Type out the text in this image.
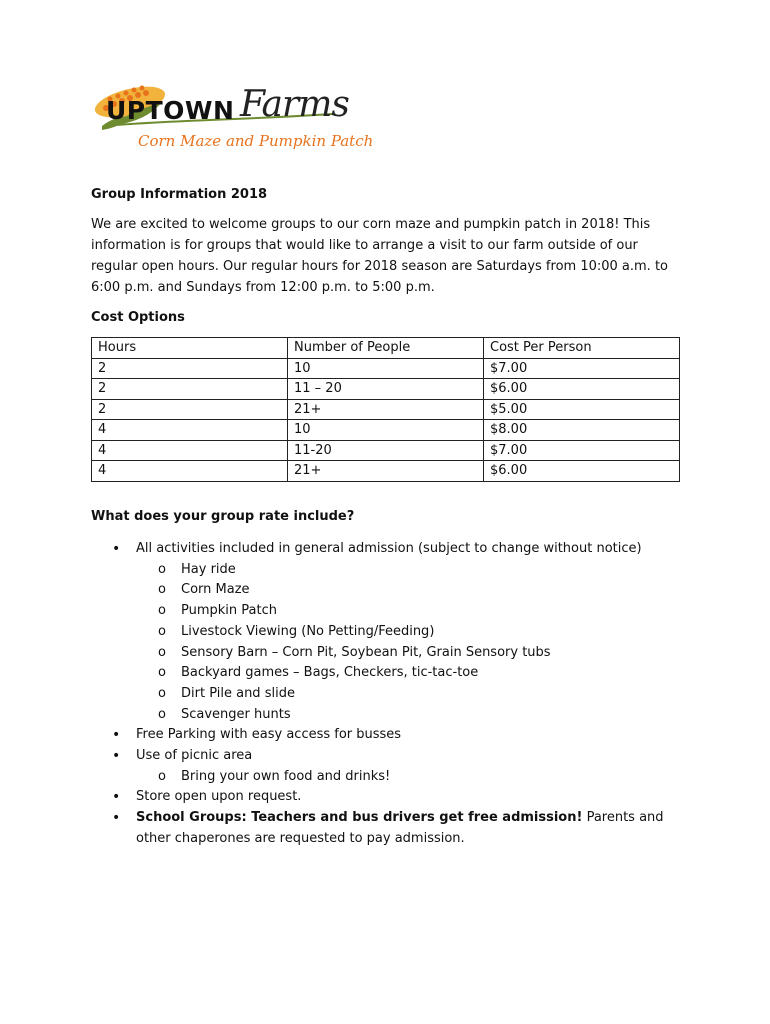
UPTOWN Farms
Corn Maze and Pumpkin Patch
Group Information 2018
We are excited to welcome groups to our corn maze and pumpkin patch in 2018! This information is for groups that would like to arrange a visit to our farm outside of our regular open hours. Our regular hours for 2018 season are Saturdays from 10:00 a.m. to 6:00 p.m. and Sundays from 12:00 p.m. to 5:00 p.m.
Cost Options
Hours	Number of People	Cost Per Person
2	10	$7.00
2	11 – 20	$6.00
2	21+	$5.00
4	10	$8.00
4	11-20	$7.00
4	21+	$6.00
What does your group rate include?
• All activities included in general admission (subject to change without notice)
o Hay ride
o Corn Maze
o Pumpkin Patch
o Livestock Viewing (No Petting/Feeding)
o Sensory Barn – Corn Pit, Soybean Pit, Grain Sensory tubs
o Backyard games – Bags, Checkers, tic-tac-toe
o Dirt Pile and slide
o Scavenger hunts
• Free Parking with easy access for busses
• Use of picnic area
o Bring your own food and drinks!
• Store open upon request.
• School Groups: Teachers and bus drivers get free admission! Parents and other chaperones are requested to pay admission.
